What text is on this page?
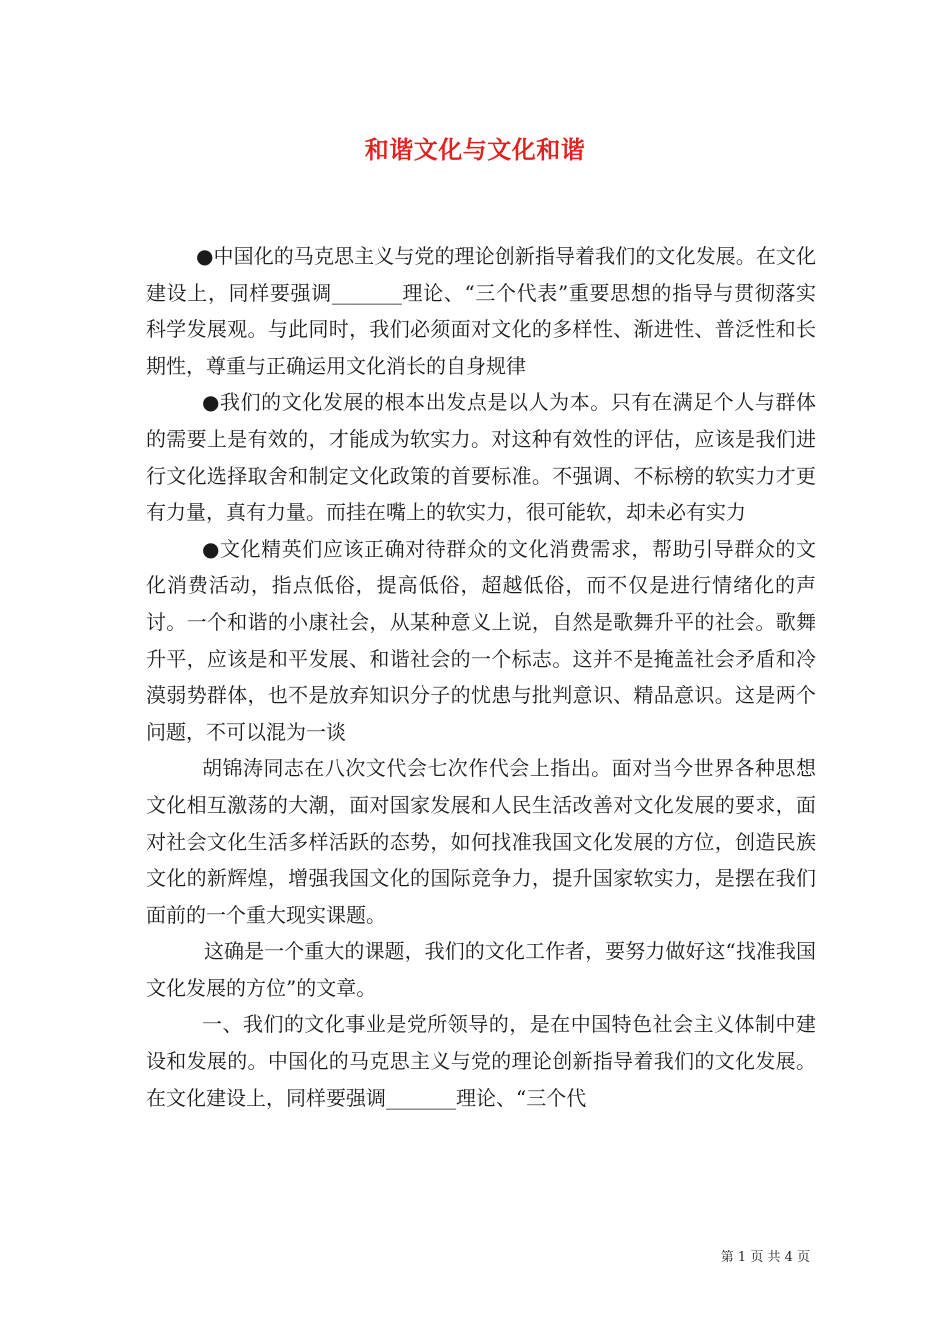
和谐文化与文化和谐

●中国化的马克思主义与党的理论创新指导着我们的文化发展。在文化建设上，同样要强调_______理论、“三个代表”重要思想的指导与贯彻落实科学发展观。与此同时，我们必须面对文化的多样性、渐进性、普泛性和长期性，尊重与正确运用文化消长的自身规律

●我们的文化发展的根本出发点是以人为本。只有在满足个人与群体的需要上是有效的，才能成为软实力。对这种有效性的评估，应该是我们进行文化选择取舍和制定文化政策的首要标准。不强调、不标榜的软实力才更有力量，真有力量。而挂在嘴上的软实力，很可能软，却未必有实力

●文化精英们应该正确对待群众的文化消费需求，帮助引导群众的文化消费活动，指点低俗，提高低俗，超越低俗，而不仅是进行情绪化的声讨。一个和谐的小康社会，从某种意义上说，自然是歌舞升平的社会。歌舞升平，应该是和平发展、和谐社会的一个标志。这并不是掩盖社会矛盾和冷漠弱势群体，也不是放弃知识分子的忧患与批判意识、精品意识。这是两个问题，不可以混为一谈

胡锦涛同志在八次文代会七次作代会上指出。面对当今世界各种思想文化相互激荡的大潮，面对国家发展和人民生活改善对文化发展的要求，面对社会文化生活多样活跃的态势，如何找准我国文化发展的方位，创造民族文化的新辉煌，增强我国文化的国际竞争力，提升国家软实力，是摆在我们面前的一个重大现实课题。

这确是一个重大的课题，我们的文化工作者，要努力做好这“找准我国文化发展的方位”的文章。

一、我们的文化事业是党所领导的，是在中国特色社会主义体制中建设和发展的。中国化的马克思主义与党的理论创新指导着我们的文化发展。在文化建设上，同样要强调_______理论、“三个代

第 1 页 共 4 页
